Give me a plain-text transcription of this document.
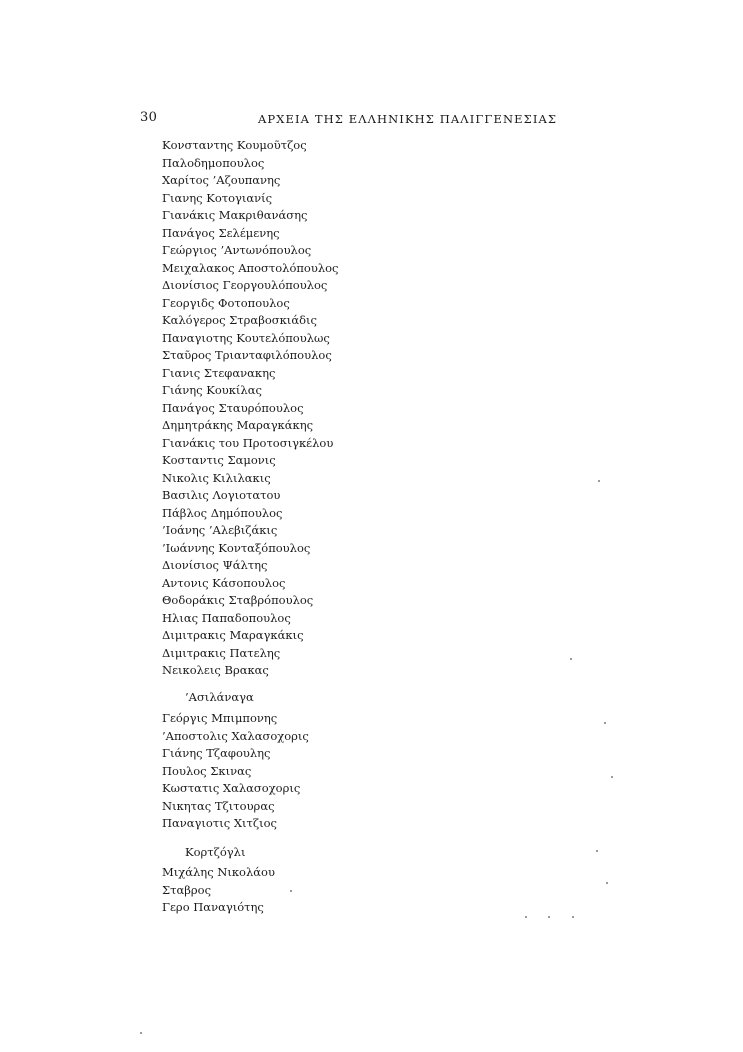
30	ΑΡΧΕΙΑ ΤΗΣ ΕΛΛΗΝΙΚΗΣ ΠΑΛΙΓΓΕΝΕΣΙΑΣ
Κονσταντης Κουμοῦτζος
Παλοδημοπουλος
Χαρίτος ’Αζουπανης
Γιανης Κοτογιανίς
Γιανάκις Μακριθανάσης
Πανάγος Σελέμενης
Γεώργιος ’Αντωνόπουλος
Μειχαλακος Αποστολόπουλος
Διονίσιος Γεοργουλόπουλος
Γεοργιδς Φοτοπουλος
Καλόγερος Στραβοσκιάδις
Παναγιοτης Κουτελόπουλως
Σταῦρος Τριανταφιλόπουλος
Γιανις Στεφανακης
Γιάνης Κουκίλας
Πανάγος Σταυρόπουλος
Δημητράκης Μαραγκάκης
Γιανάκις του Προτοσιγκέλου
Κοσταντις Σαμονις
Νικολις Κιλιλακις
Βασιλις Λογιοτατου
Πάβλος Δημόπουλος
’Ιοάνης ’Αλεβιζάκις
’Ιωάννης Κονταξόπουλος
Διονίσιος Ψάλτης
Αντονις Κάσοπουλος
Θοδοράκις Σταβρόπουλος
Ηλιας Παπαδοπουλος
Διμιτρακις Μαραγκάκις
Διμιτρακις Πατελης
Νεικολεις Βρακας
’Ασιλάναγα
Γεόργις Μπιμπονης
’Αποστολις Χαλασοχορις
Γιάνης Τζαφουλης
Πουλος Σκινας
Κωστατις Χαλασοχορις
Νικητας Τζιτουρας
Παναγιοτις Χιτζιος
Κορτζόγλι
Μιχάλης Νικολάου
Σταβρος
Γερο Παναγιότης
